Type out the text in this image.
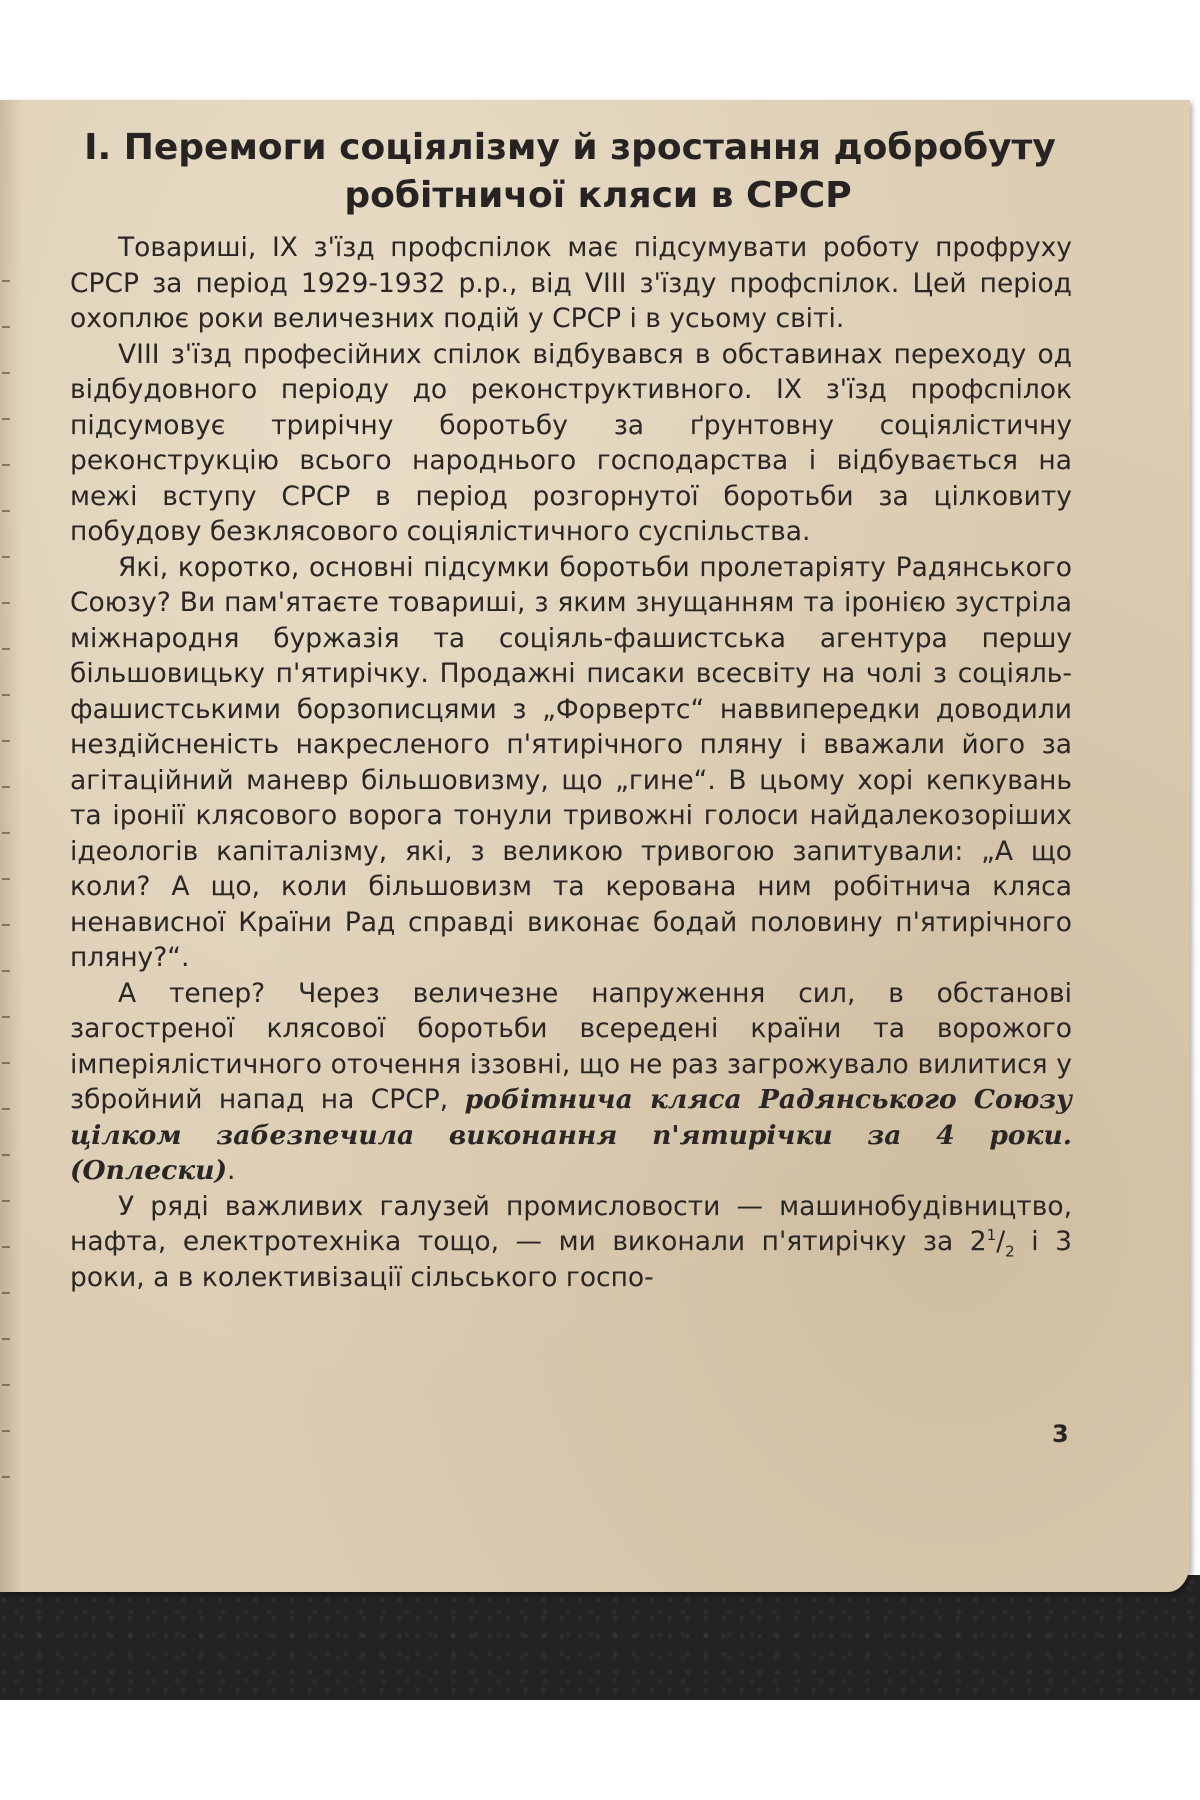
I. Перемоги соціялізму й зростання добробуту
робітничої кляси в СРСР

Товариші, IX з'їзд профспілок має підсумувати роботу профруху СРСР за період 1929-1932 р.р., від VIII з'їзду профспілок. Цей період охоплює роки величезних подій у СРСР і в усьому світі.

VIII з'їзд професійних спілок відбувався в обставинах переходу од відбудовного періоду до реконструктивного. IX з'їзд профспілок підсумовує трирічну боротьбу за ґрунтовну соціялістичну реконструкцію всього народнього господарства і відбувається на межі вступу СРСР в період розгорнутої боротьби за цілковиту побудову безклясового соціялістичного суспільства.

Які, коротко, основні підсумки боротьби пролетаріяту Радянського Союзу? Ви пам'ятаєте товариші, з яким знущанням та іронією зустріла міжнародня буржазія та соціяль-фашистська агентура першу більшовицьку п'ятирічку. Продажні писаки всесвіту на чолі з соціяль-фашистськими борзописцями з „Форвертс“ наввипередки доводили нездійсненість накресленого п'ятирічного пляну і вважали його за агітаційний маневр більшовизму, що „гине“. В цьому хорі кепкувань та іронії клясового ворога тонули тривожні голоси найдалекозоріших ідеологів капіталізму, які, з великою тривогою запитували: „А що коли? А що, коли більшовизм та керована ним робітнича кляса ненависної Країни Рад справді виконає бодай половину п'ятирічного пляну?“.

А тепер? Через величезне напруження сил, в обстанові загостреної клясової боротьби всередені країни та ворожого імперіялістичного оточення іззовні, що не раз загрожувало вилитися у збройний напад на СРСР, робітнича кляса Радянського Союзу цілком забезпечила виконання п'ятирічки за 4 роки. (Оплески).

У ряді важливих галузей промисловости — машинобудівництво, нафта, електротехніка тощо, — ми виконали п'ятирічку за $2^1/_2$ і 3 роки, а в колективізації сільського госпо-

3
